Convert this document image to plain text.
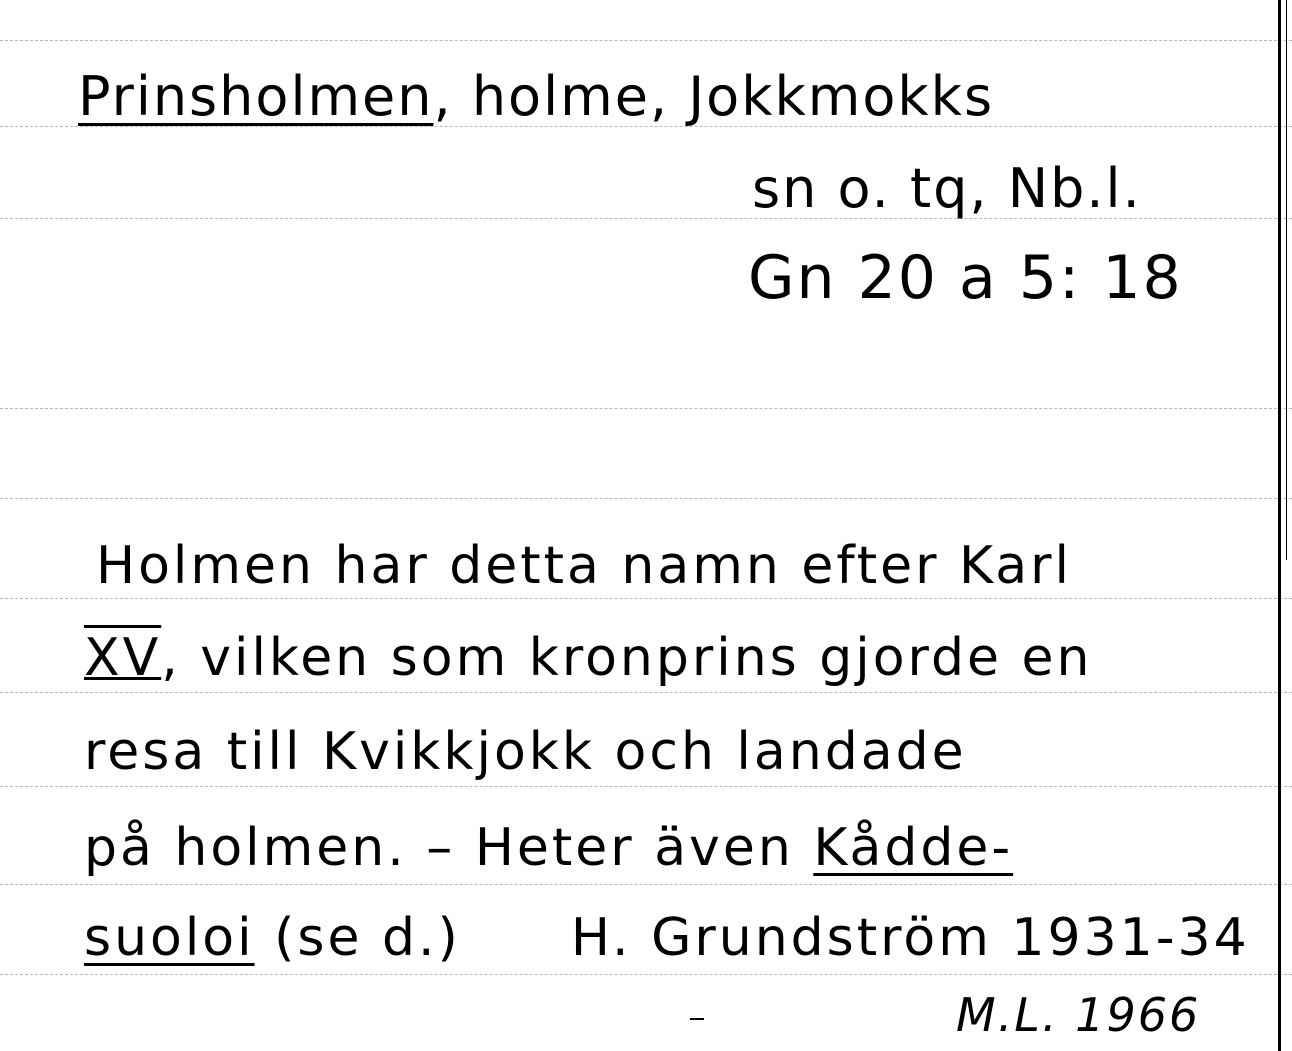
Prinsholmen, holme, Jokkmokks
sn o. tq, Nb.l.
Gn 20 a 5: 18
Holmen har detta namn efter Karl
XV, vilken som kronprins gjorde en
resa till Kvikkjokk och landade
på holmen. – Heter även Kådde-
suoloi (se d.) H. Grundström 1931-34
M.L. 1966
